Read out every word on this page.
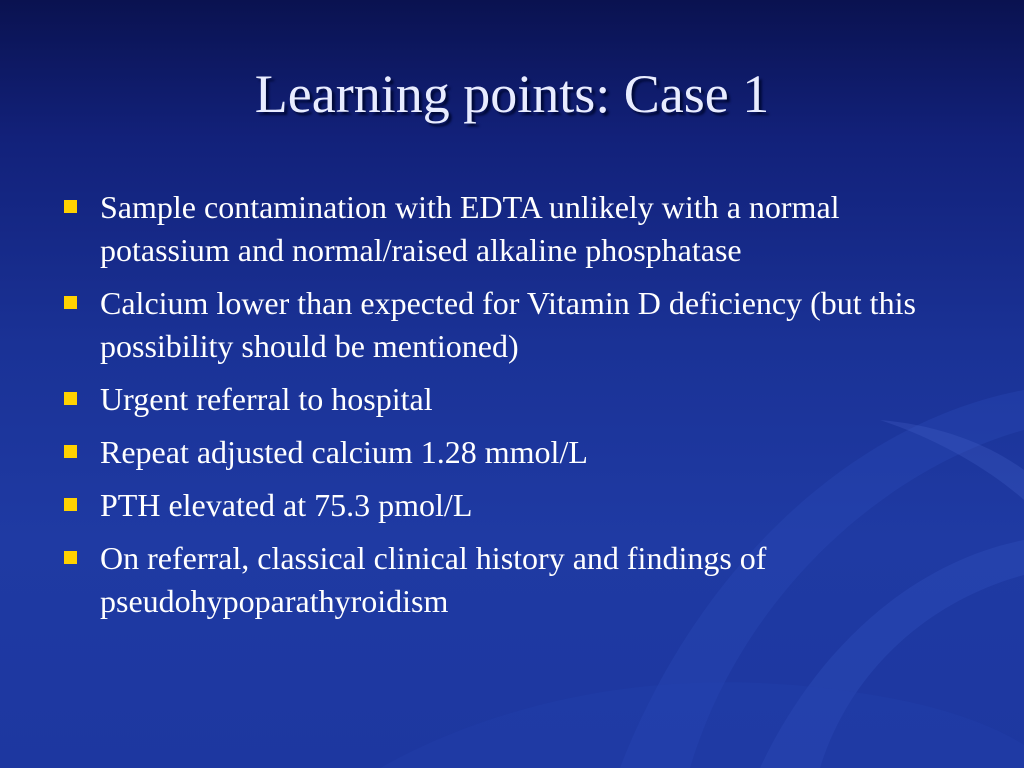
Learning points: Case 1
Sample contamination with EDTA unlikely with a normal potassium and normal/raised alkaline phosphatase
Calcium lower than expected for Vitamin D deficiency (but this possibility should be mentioned)
Urgent referral to hospital
Repeat adjusted calcium 1.28 mmol/L
PTH elevated at 75.3 pmol/L
On referral, classical clinical history and findings of pseudohypoparathyroidism
